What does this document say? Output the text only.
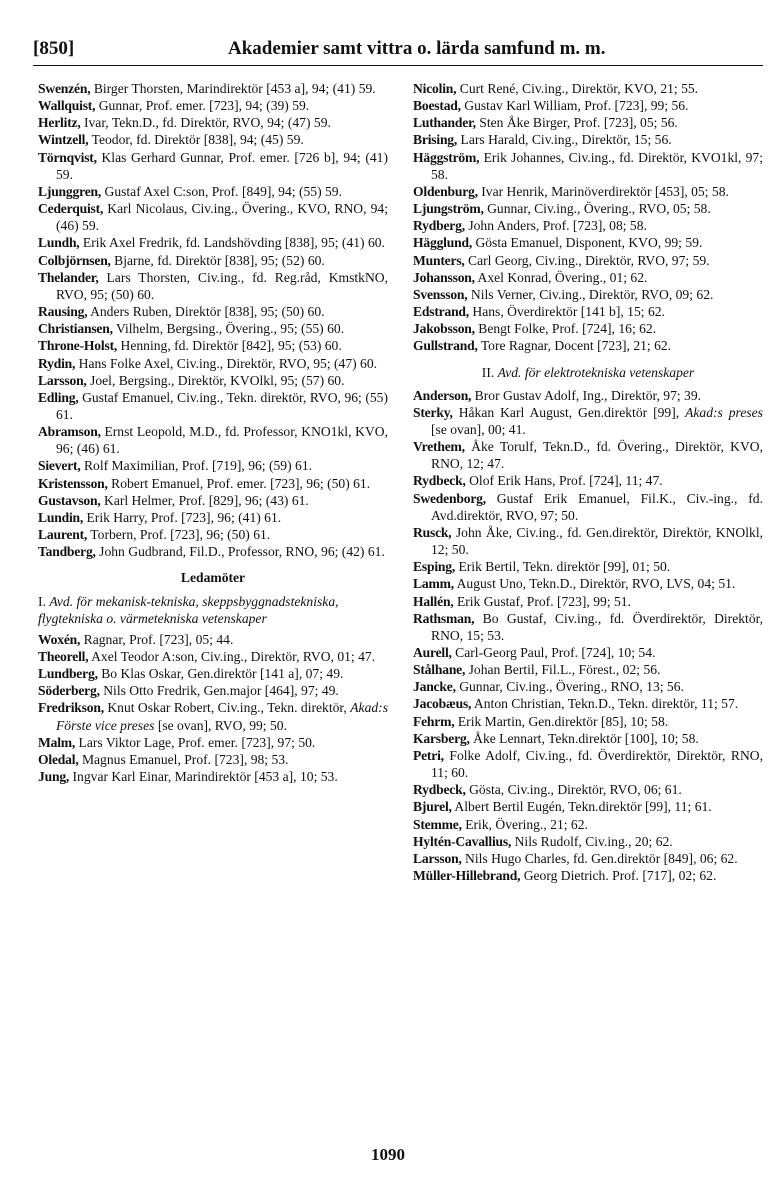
[850]	Akademier samt vittra o. lärda samfund m. m.

Swenzén, Birger Thorsten, Marindirektör [453 a], 94; (41) 59.

Wallquist, Gunnar, Prof. emer. [723], 94; (39) 59.

Herlitz, Ivar, Tekn.D., fd. Direktör, RVO, 94; (47) 59.

Wintzell, Teodor, fd. Direktör [838], 94; (45) 59.

Törnqvist, Klas Gerhard Gunnar, Prof. emer. [726 b], 94; (41) 59.

Ljunggren, Gustaf Axel C:son, Prof. [849], 94; (55) 59.

Cederquist, Karl Nicolaus, Civ.ing., Övering., KVO, RNO, 94; (46) 59.

Lundh, Erik Axel Fredrik, fd. Landshövding [838], 95; (41) 60.

Colbjörnsen, Bjarne, fd. Direktör [838], 95; (52) 60.

Thelander, Lars Thorsten, Civ.ing., fd. Reg.råd, KmstkNO, RVO, 95; (50) 60.

Rausing, Anders Ruben, Direktör [838], 95; (50) 60.

Christiansen, Vilhelm, Bergsing., Övering., 95; (55) 60.

Throne-Holst, Henning, fd. Direktör [842], 95; (53) 60.

Rydin, Hans Folke Axel, Civ.ing., Direktör, RVO, 95; (47) 60.

Larsson, Joel, Bergsing., Direktör, KVOlkl, 95; (57) 60.

Edling, Gustaf Emanuel, Civ.ing., Tekn. direktör, RVO, 96; (55) 61.

Abramson, Ernst Leopold, M.D., fd. Professor, KNO1kl, KVO, 96; (46) 61.

Sievert, Rolf Maximilian, Prof. [719], 96; (59) 61.

Kristensson, Robert Emanuel, Prof. emer. [723], 96; (50) 61.

Gustavson, Karl Helmer, Prof. [829], 96; (43) 61.

Lundin, Erik Harry, Prof. [723], 96; (41) 61.

Laurent, Torbern, Prof. [723], 96; (50) 61.

Tandberg, John Gudbrand, Fil.D., Professor, RNO, 96; (42) 61.

Ledamöter
I. Avd. för mekanisk-tekniska, skeppsbyggnadstekniska, flygtekniska o. värmetekniska vetenskaper

Woxén, Ragnar, Prof. [723], 05; 44.

Theorell, Axel Teodor A:son, Civ.ing., Direktör, RVO, 01; 47.

Lundberg, Bo Klas Oskar, Gen.direktör [141 a], 07; 49.

Söderberg, Nils Otto Fredrik, Gen.major [464], 97; 49.

Fredrikson, Knut Oskar Robert, Civ.ing., Tekn. direktör, Akad:s Förste vice preses [se ovan], RVO, 99; 50.

Malm, Lars Viktor Lage, Prof. emer. [723], 97; 50.

Oledal, Magnus Emanuel, Prof. [723], 98; 53.

Jung, Ingvar Karl Einar, Marindirektör [453 a], 10; 53.

Nicolin, Curt René, Civ.ing., Direktör, KVO, 21; 55.

Boestad, Gustav Karl William, Prof. [723], 99; 56.

Luthander, Sten Åke Birger, Prof. [723], 05; 56.

Brising, Lars Harald, Civ.ing., Direktör, 15; 56.

Häggström, Erik Johannes, Civ.ing., fd. Direktör, KVO1kl, 97; 58.

Oldenburg, Ivar Henrik, Marinöverdirektör [453], 05; 58.

Ljungström, Gunnar, Civ.ing., Övering., RVO, 05; 58.

Rydberg, John Anders, Prof. [723], 08; 58.

Hägglund, Gösta Emanuel, Disponent, KVO, 99; 59.

Munters, Carl Georg, Civ.ing., Direktör, RVO, 97; 59.

Johansson, Axel Konrad, Övering., 01; 62.

Svensson, Nils Verner, Civ.ing., Direktör, RVO, 09; 62.

Edstrand, Hans, Överdirektör [141 b], 15; 62.

Jakobsson, Bengt Folke, Prof. [724], 16; 62.

Gullstrand, Tore Ragnar, Docent [723], 21; 62.

II. Avd. för elektrotekniska vetenskaper

Anderson, Bror Gustav Adolf, Ing., Direktör, 97; 39.

Sterky, Håkan Karl August, Gen.direktör [99], Akad:s preses [se ovan], 00; 41.

Vrethem, Åke Torulf, Tekn.D., fd. Övering., Direktör, KVO, RNO, 12; 47.

Rydbeck, Olof Erik Hans, Prof. [724], 11; 47.

Swedenborg, Gustaf Erik Emanuel, Fil.K., Civ.-ing., fd. Avd.direktör, RVO, 97; 50.

Rusck, John Åke, Civ.ing., fd. Gen.direktör, Direktör, KNOlkl, 12; 50.

Esping, Erik Bertil, Tekn. direktör [99], 01; 50.

Lamm, August Uno, Tekn.D., Direktör, RVO, LVS, 04; 51.

Hallén, Erik Gustaf, Prof. [723], 99; 51.

Rathsman, Bo Gustaf, Civ.ing., fd. Överdirektör, Direktör, RNO, 15; 53.

Aurell, Carl-Georg Paul, Prof. [724], 10; 54.

Stålhane, Johan Bertil, Fil.L., Förest., 02; 56.

Jancke, Gunnar, Civ.ing., Övering., RNO, 13; 56.

Jacobæus, Anton Christian, Tekn.D., Tekn. direktör, 11; 57.

Fehrm, Erik Martin, Gen.direktör [85], 10; 58.

Karsberg, Åke Lennart, Tekn.direktör [100], 10; 58.

Petri, Folke Adolf, Civ.ing., fd. Överdirektör, Direktör, RNO, 11; 60.

Rydbeck, Gösta, Civ.ing., Direktör, RVO, 06; 61.

Bjurel, Albert Bertil Eugén, Tekn.direktör [99], 11; 61.

Stemme, Erik, Övering., 21; 62.

Hyltén-Cavallius, Nils Rudolf, Civ.ing., 20; 62.

Larsson, Nils Hugo Charles, fd. Gen.direktör [849], 06; 62.

Müller-Hillebrand, Georg Dietrich. Prof. [717], 02; 62.

1090
